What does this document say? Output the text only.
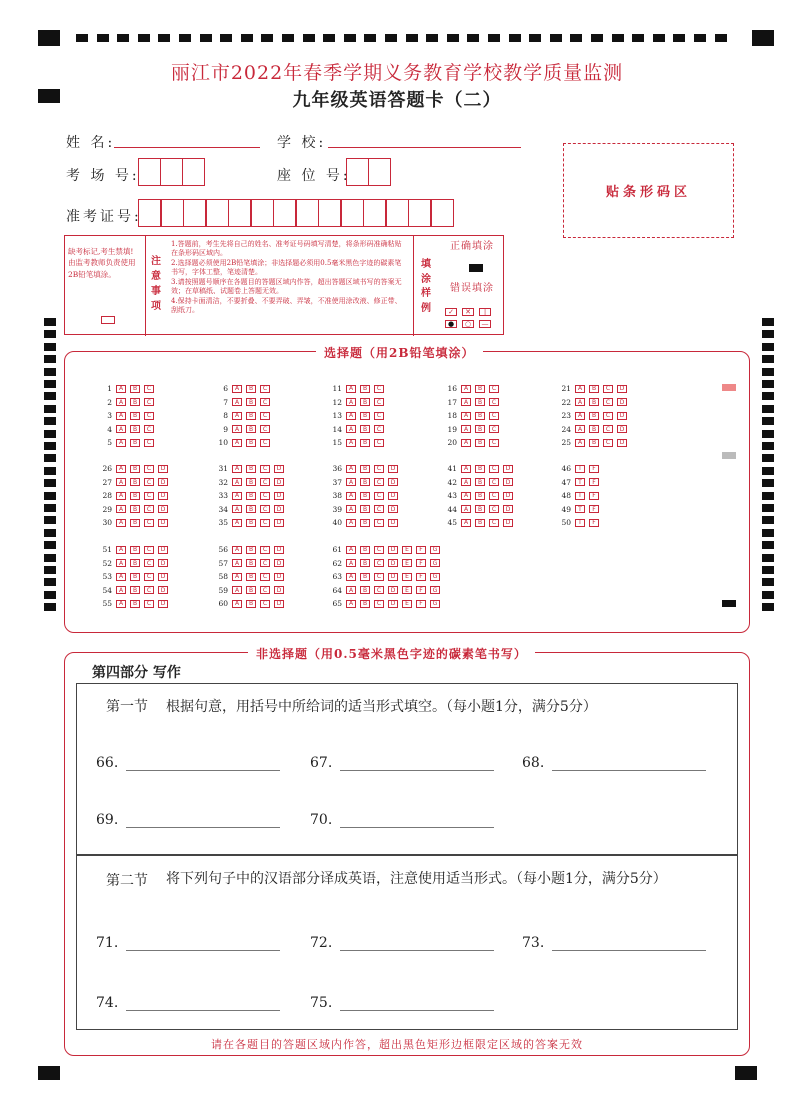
丽江市2022年春季学期义务教育学校教学质量监测
九年级英语答题卡（二）
姓 名:	学 校:
考 场 号:	座 位 号:
准考证号:
贴条形码区
缺考标记,考生禁填!由监考教师负责使用2B铅笔填涂。
注意事项
1.答题前，考生先将自己的姓名、准考证号码填写清楚，将条形码准确粘贴在条形码区域内。
2.选择题必须使用2B铅笔填涂；非选择题必须用0.5毫米黑色字迹的碳素笔书写，字体工整，笔迹清楚。
3.请按照题号顺序在各题目的答题区域内作答，超出答题区域书写的答案无效；在草稿纸、试题卷上答题无效。
4.保持卡面清洁，不要折叠、不要弄破、弄皱，不准使用涂改液、修正带、刮纸刀。
填涂样例
正确填涂
错误填涂
✓ ✕ |
● ○ —
选择题（用2B铅笔填涂）
1	A	B	C
2	A	B	C
3	A	B	C
4	A	B	C
5	A	B	C
6	A	B	C
7	A	B	C
8	A	B	C
9	A	B	C
10	A	B	C
11	A	B	C
12	A	B	C
13	A	B	C
14	A	B	C
15	A	B	C
16	A	B	C
17	A	B	C
18	A	B	C
19	A	B	C
20	A	B	C
21	A	B	C	D
22	A	B	C	D
23	A	B	C	D
24	A	B	C	D
25	A	B	C	D
26	A	B	C	D
27	A	B	C	D
28	A	B	C	D
29	A	B	C	D
30	A	B	C	D
31	A	B	C	D
32	A	B	C	D
33	A	B	C	D
34	A	B	C	D
35	A	B	C	D
36	A	B	C	D
37	A	B	C	D
38	A	B	C	D
39	A	B	C	D
40	A	B	C	D
41	A	B	C	D
42	A	B	C	D
43	A	B	C	D
44	A	B	C	D
45	A	B	C	D
46	T	F
47	T	F
48	T	F
49	T	F
50	T	F
51	A	B	C	D
52	A	B	C	D
53	A	B	C	D
54	A	B	C	D
55	A	B	C	D
56	A	B	C	D
57	A	B	C	D
58	A	B	C	D
59	A	B	C	D
60	A	B	C	D
61	A	B	C	D	E	F	G
62	A	B	C	D	E	F	G
63	A	B	C	D	E	F	G
64	A	B	C	D	E	F	G
65	A	B	C	D	E	F	G
非选择题（用0.5毫米黑色字迹的碳素笔书写）
第四部分 写作
第一节 根据句意，用括号中所给词的适当形式填空。（每小题1分，满分5分）
66.	67.	68.
69.	70.
第二节 将下列句子中的汉语部分译成英语，注意使用适当形式。（每小题1分，满分5分）
71.	72.	73.
74.	75.
请在各题目的答题区域内作答，超出黑色矩形边框限定区域的答案无效
